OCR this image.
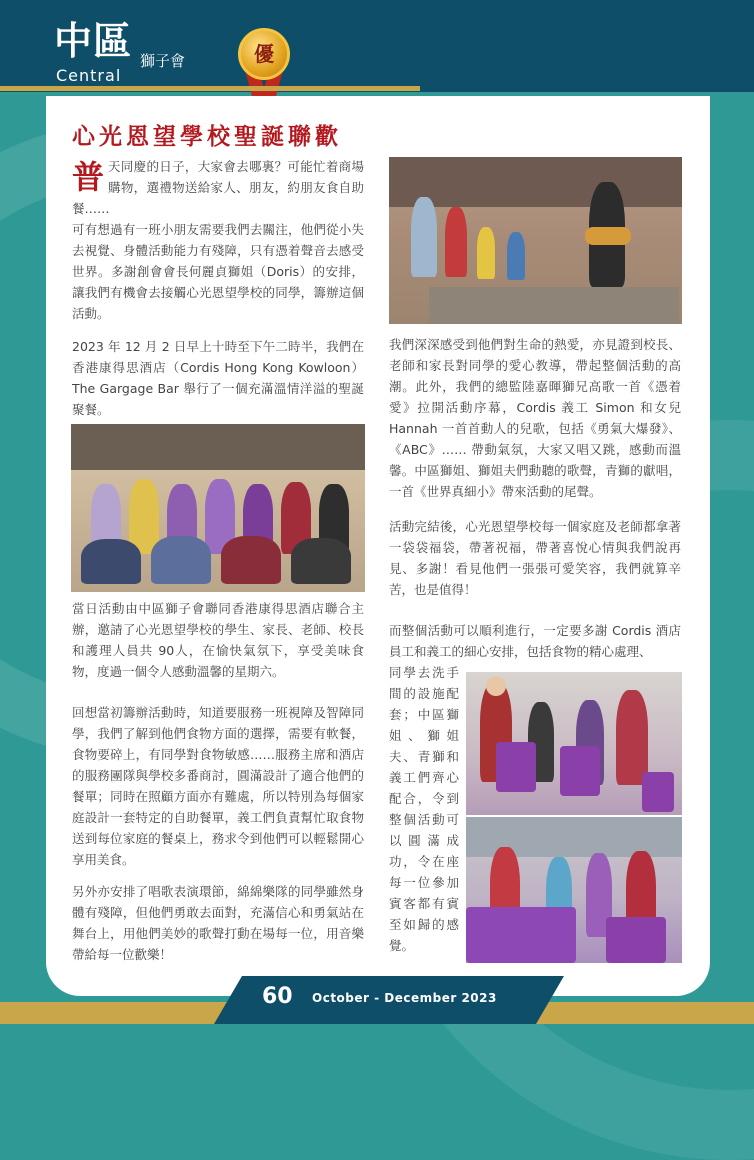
中區 獅子會
Central
優
心光恩望學校聖誕聯歡

普天同慶的日子，大家會去哪裏？可能忙着商場購物，選禮物送給家人、朋友，約朋友食自助餐……
可有想過有一班小朋友需要我們去關注，他們從小失去視覺、身體活動能力有殘障，只有憑着聲音去感受世界。多謝創會會長何麗貞獅姐（Doris）的安排，讓我們有機會去接觸心光恩望學校的同學，籌辦這個活動。

2023 年 12 月 2 日早上十時至下午二時半，我們在香港康得思酒店（Cordis Hong Kong Kowloon）The Gargage Bar 舉行了一個充滿溫情洋溢的聖誕聚餐。

當日活動由中區獅子會聯同香港康得思酒店聯合主辦，邀請了心光恩望學校的學生、家長、老師、校長和護理人員共 90人，在愉快氣氛下，享受美味食物，度過一個令人感動溫馨的星期六。

回想當初籌辦活動時，知道要服務一班視障及智障同學，我們了解到他們食物方面的選擇，需要有軟餐，食物要碎上，有同學對食物敏感……服務主席和酒店的服務團隊與學校多番商討，圓滿設計了適合他們的餐單；同時在照顧方面亦有難處，所以特別為每個家庭設計一套特定的自助餐單，義工們負責幫忙取食物送到每位家庭的餐桌上，務求令到他們可以輕鬆開心享用美食。

另外亦安排了唱歌表演環節，綿綿樂隊的同學雖然身體有殘障，但他們勇敢去面對，充滿信心和勇氣站在舞台上，用他們美妙的歌聲打動在場每一位，用音樂帶給每一位歡樂！

我們深深感受到他們對生命的熱愛，亦見證到校長、老師和家長對同學的愛心教導，帶起整個活動的高潮。此外，我們的總監陸嘉暉獅兄高歌一首《憑着愛》拉開活動序幕，Cordis 義工 Simon 和女兒 Hannah 一首首動人的兒歌，包括《勇氣大爆發》、《ABC》…… 帶動氣氛，大家又唱又跳，感動而溫馨。中區獅姐、獅姐夫們動聽的歌聲，青獅的獻唱，一首《世界真細小》帶來活動的尾聲。

活動完結後，心光恩望學校每一個家庭及老師都拿著一袋袋福袋，帶著祝福，帶著喜悅心情與我們說再見、多謝！看見他們一張張可愛笑容，我們就算辛苦，也是值得！

而整個活動可以順利進行，一定要多謝 Cordis 酒店員工和義工的細心安排，包括食物的精心處理、

同學去洗手間的設施配套；中區獅姐、獅姐夫、青獅和義工們齊心配合，令到整個活動可以圓滿成功，令在座每一位參加賓客都有賓至如歸的感覺。

60 October - December 2023
